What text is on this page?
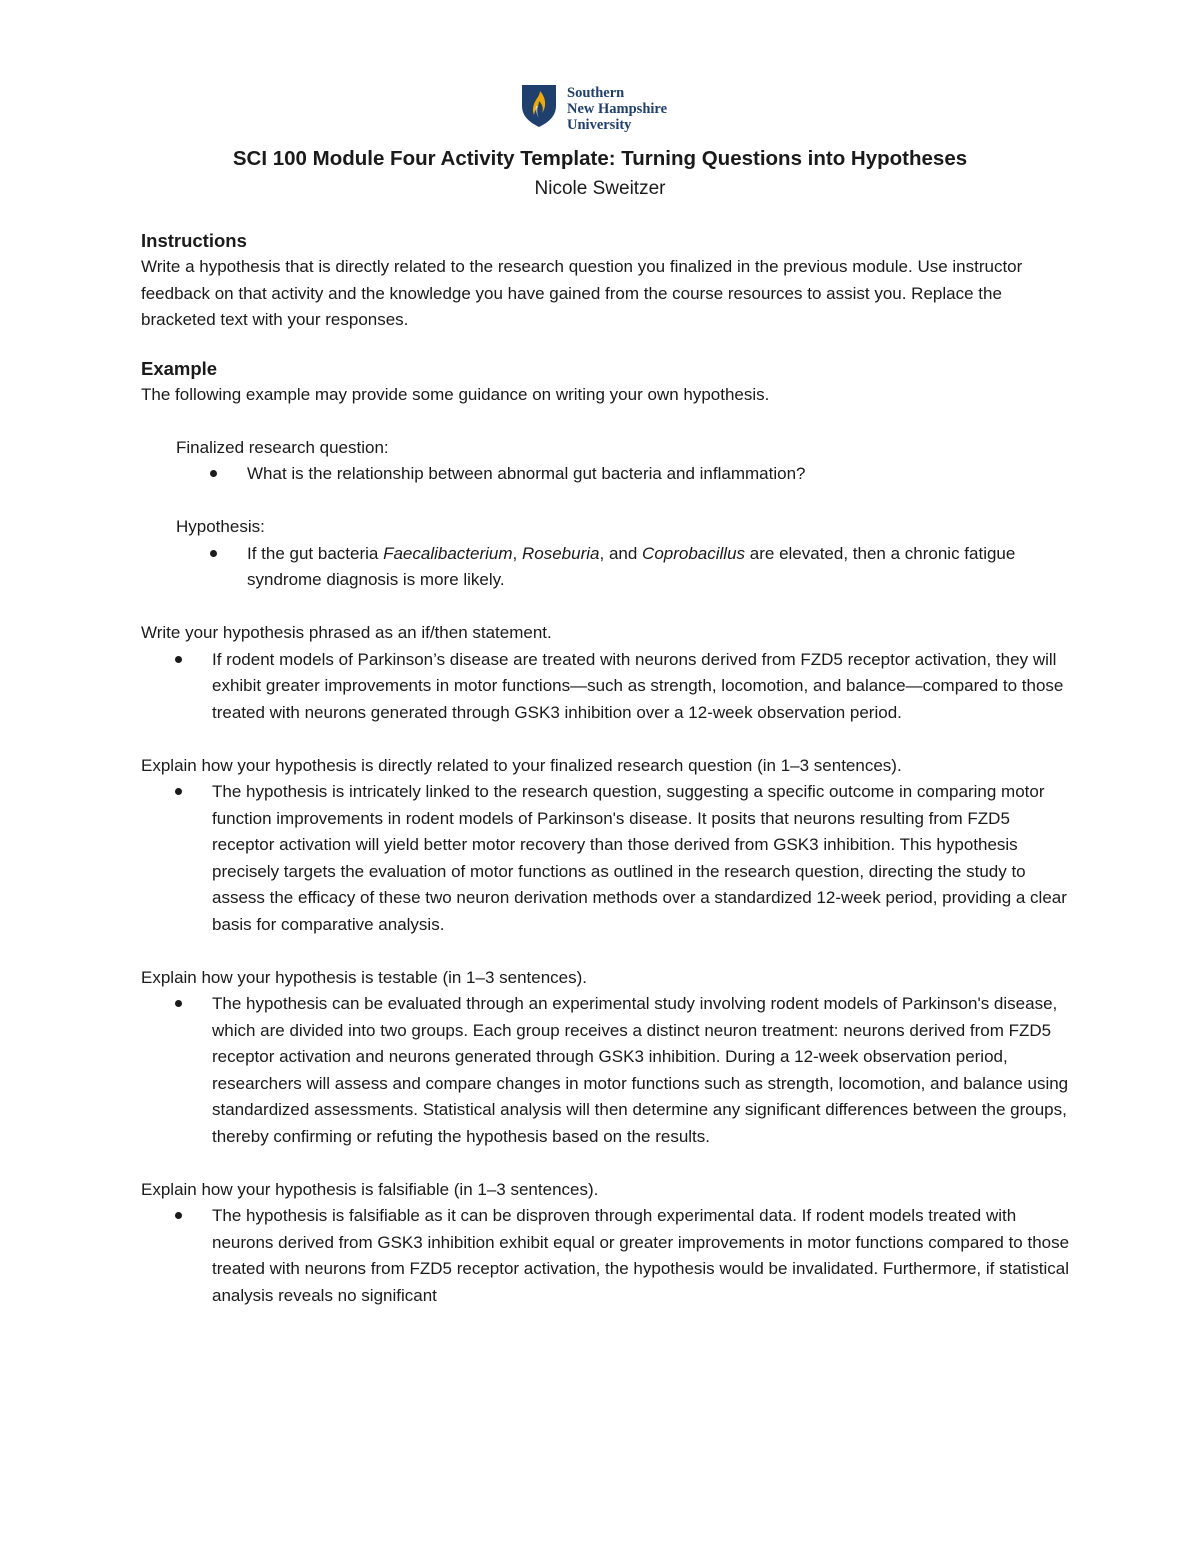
Southern
New Hampshire
University
SCI 100 Module Four Activity Template: Turning Questions into Hypotheses
Nicole Sweitzer
Instructions

Write a hypothesis that is directly related to the research question you finalized in the previous module. Use instructor feedback on that activity and the knowledge you have gained from the course resources to assist you. Replace the bracketed text with your responses.

Example

The following example may provide some guidance on writing your own hypothesis.

Finalized research question:

What is the relationship between abnormal gut bacteria and inflammation?

Hypothesis:

If the gut bacteria Faecalibacterium, Roseburia, and Coprobacillus are elevated, then a chronic fatigue syndrome diagnosis is more likely.

Write your hypothesis phrased as an if/then statement.

If rodent models of Parkinson’s disease are treated with neurons derived from FZD5 receptor activation, they will exhibit greater improvements in motor functions—such as strength, locomotion, and balance—compared to those treated with neurons generated through GSK3 inhibition over a 12-week observation period.

Explain how your hypothesis is directly related to your finalized research question (in 1–3 sentences).

The hypothesis is intricately linked to the research question, suggesting a specific outcome in comparing motor function improvements in rodent models of Parkinson's disease. It posits that neurons resulting from FZD5 receptor activation will yield better motor recovery than those derived from GSK3 inhibition. This hypothesis precisely targets the evaluation of motor functions as outlined in the research question, directing the study to assess the efficacy of these two neuron derivation methods over a standardized 12-week period, providing a clear basis for comparative analysis.

Explain how your hypothesis is testable (in 1–3 sentences).

The hypothesis can be evaluated through an experimental study involving rodent models of Parkinson's disease, which are divided into two groups. Each group receives a distinct neuron treatment: neurons derived from FZD5 receptor activation and neurons generated through GSK3 inhibition. During a 12-week observation period, researchers will assess and compare changes in motor functions such as strength, locomotion, and balance using standardized assessments. Statistical analysis will then determine any significant differences between the groups, thereby confirming or refuting the hypothesis based on the results.

Explain how your hypothesis is falsifiable (in 1–3 sentences).

The hypothesis is falsifiable as it can be disproven through experimental data. If rodent models treated with neurons derived from GSK3 inhibition exhibit equal or greater improvements in motor functions compared to those treated with neurons from FZD5 receptor activation, the hypothesis would be invalidated. Furthermore, if statistical analysis reveals no significant
